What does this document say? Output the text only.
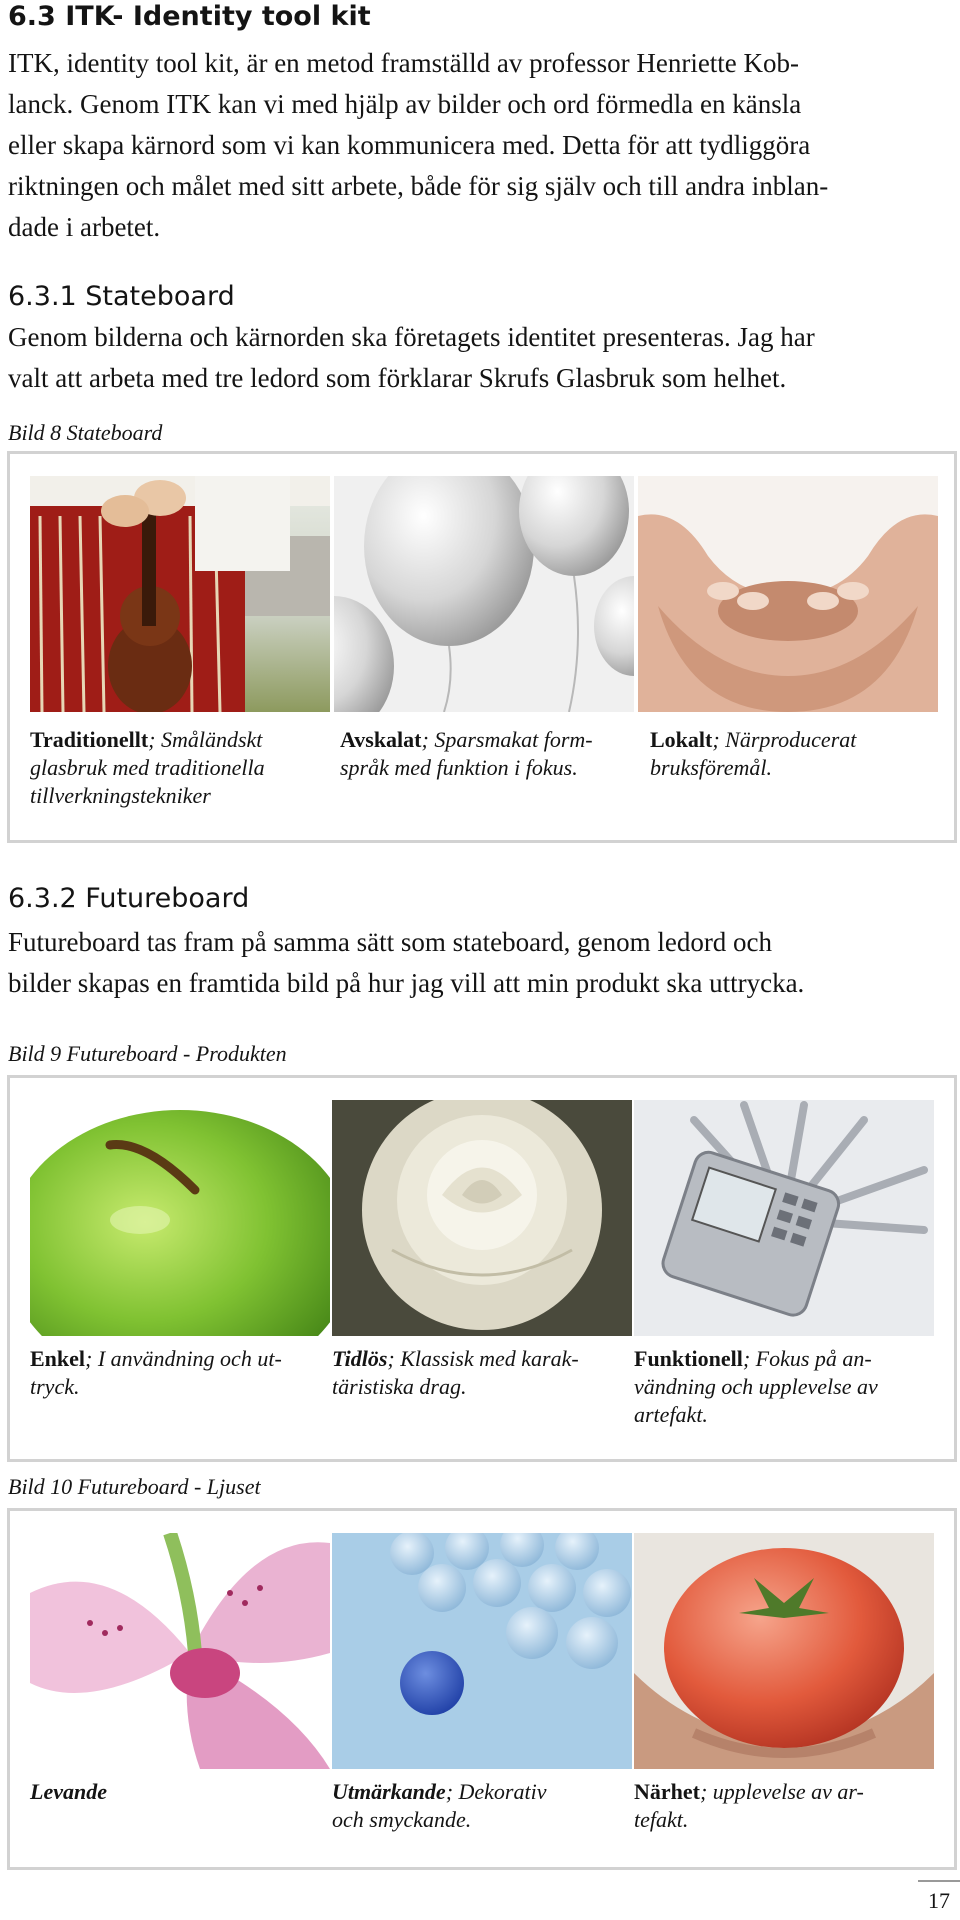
6.3 ITK- Identity tool kit

ITK, identity tool kit, är en metod framställd av professor Henriette Kob-
lanck. Genom ITK kan vi med hjälp av bilder och ord förmedla en känsla
eller skapa kärnord som vi kan kommunicera med. Detta för att tydliggöra
riktningen och målet med sitt arbete, både för sig själv och till andra inblan-
dade i arbetet.

6.3.1 Stateboard

Genom bilderna och kärnorden ska företagets identitet presenteras. Jag har
valt att arbeta med tre ledord som förklarar Skrufs Glasbruk som helhet.

Bild 8 Stateboard
Traditionellt; Småländskt
glasbruk med traditionella
tillverkningstekniker
Avskalat; Sparsmakat form-
språk med funktion i fokus.
Lokalt; Närproducerat
bruksföremål.
6.3.2 Futureboard

Futureboard tas fram på samma sätt som stateboard, genom ledord och
bilder skapas en framtida bild på hur jag vill att min produkt ska uttrycka.

Bild 9 Futureboard - Produkten
Enkel; I användning och ut-
tryck.
Tidlös; Klassisk med karak-
täristiska drag.
Funktionell; Fokus på an-
vändning och upplevelse av
artefakt.
Bild 10 Futureboard - Ljuset
Levande	Utmärkande; Dekorativ
och smyckande.
Närhet; upplevelse av ar-
tefakt.
17
